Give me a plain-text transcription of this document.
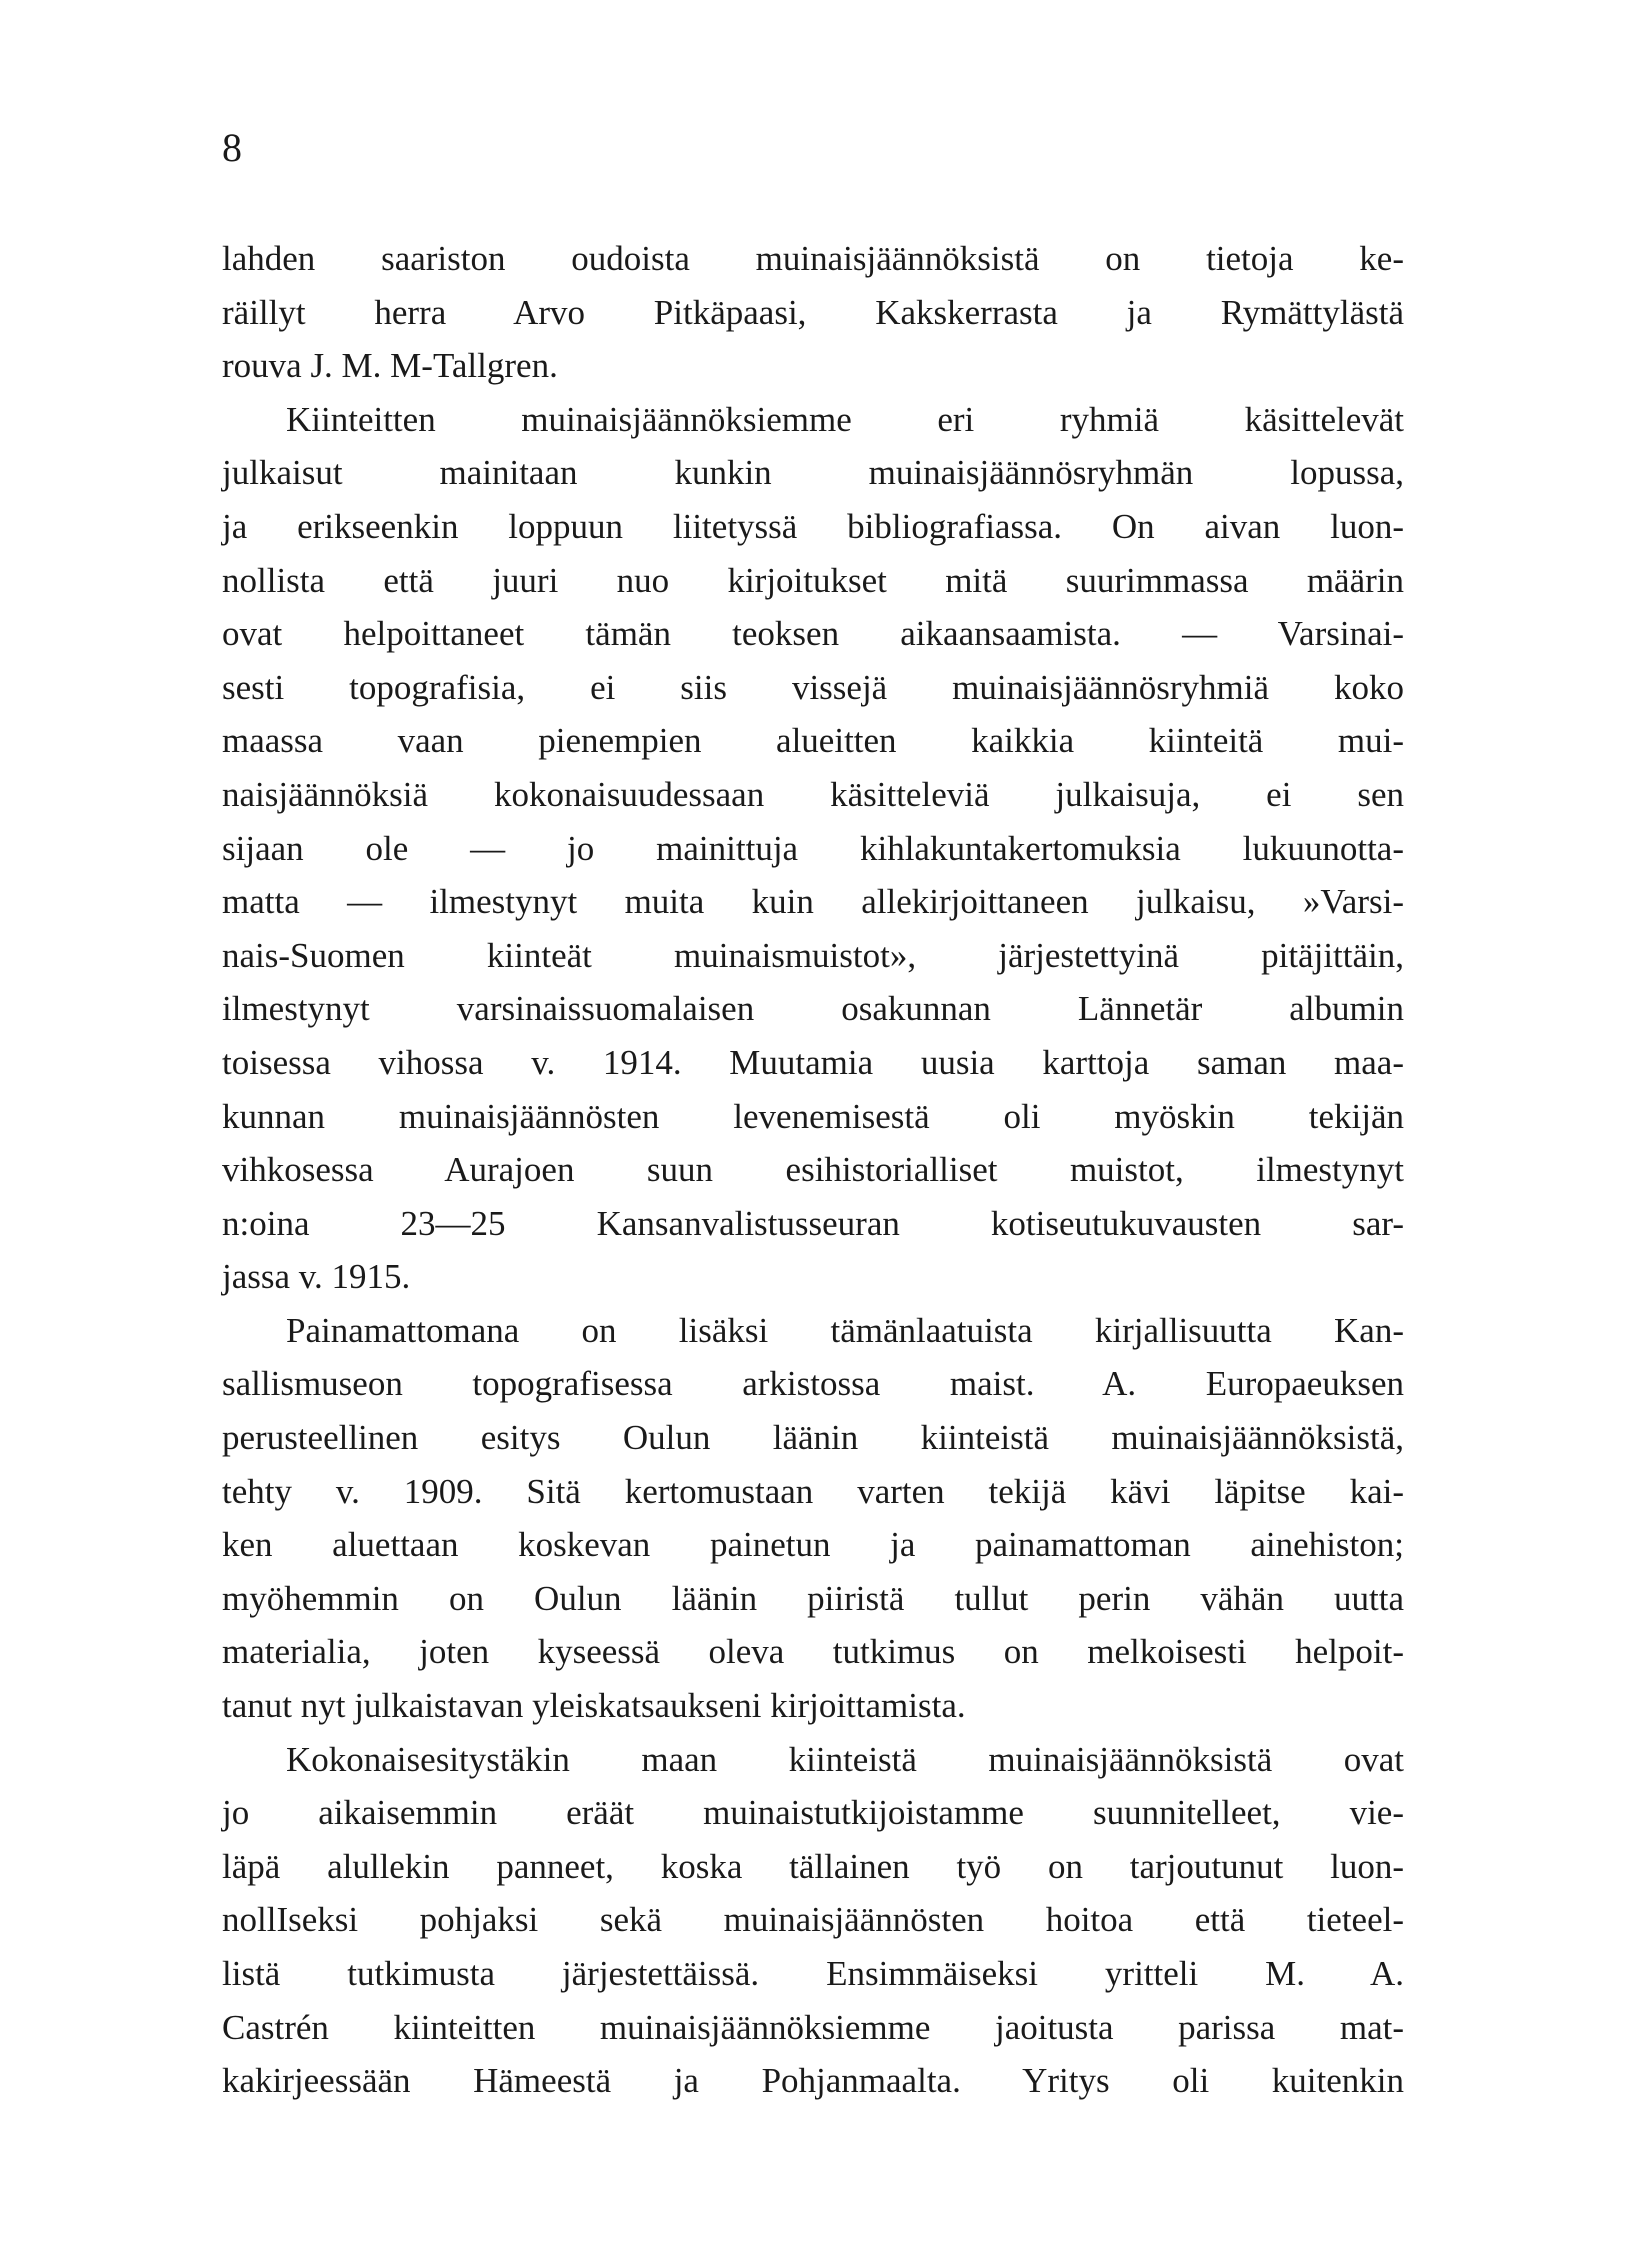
8
lahden saariston oudoista muinaisjäännöksistä on tietoja ke-
räillyt herra Arvo Pitkäpaasi, Kakskerrasta ja Rymättylästä
rouva J. M. M-Tallgren.
Kiinteitten muinaisjäännöksiemme eri ryhmiä käsittelevät
julkaisut mainitaan kunkin muinaisjäännösryhmän lopussa,
ja erikseenkin loppuun liitetyssä bibliografiassa. On aivan luon-
nollista että juuri nuo kirjoitukset mitä suurimmassa määrin
ovat helpoittaneet tämän teoksen aikaansaamista. — Varsinai-
sesti topografisia, ei siis vissejä muinaisjäännösryhmiä koko
maassa vaan pienempien alueitten kaikkia kiinteitä mui-
naisjäännöksiä kokonaisuudessaan käsitteleviä julkaisuja, ei sen
sijaan ole — jo mainittuja kihlakuntakertomuksia lukuunotta-
matta — ilmestynyt muita kuin allekirjoittaneen julkaisu, »Varsi-
nais-Suomen kiinteät muinaismuistot», järjestettyinä pitäjittäin,
ilmestynyt varsinaissuomalaisen osakunnan Lännetär albumin
toisessa vihossa v. 1914. Muutamia uusia karttoja saman maa-
kunnan muinaisjäännösten levenemisestä oli myöskin tekijän
vihkosessa Aurajoen suun esihistorialliset muistot, ilmestynyt
n:oina 23—25 Kansanvalistusseuran kotiseutukuvausten sar-
jassa v. 1915.
Painamattomana on lisäksi tämänlaatuista kirjallisuutta Kan-
sallismuseon topografisessa arkistossa maist. A. Europaeuksen
perusteellinen esitys Oulun läänin kiinteistä muinaisjäännöksistä,
tehty v. 1909. Sitä kertomustaan varten tekijä kävi läpitse kai-
ken aluettaan koskevan painetun ja painamattoman ainehiston;
myöhemmin on Oulun läänin piiristä tullut perin vähän uutta
materialia, joten kyseessä oleva tutkimus on melkoisesti helpoit-
tanut nyt julkaistavan yleiskatsaukseni kirjoittamista.
Kokonaisesitystäkin maan kiinteistä muinaisjäännöksistä ovat
jo aikaisemmin eräät muinaistutkijoistamme suunnitelleet, vie-
läpä alullekin panneet, koska tällainen työ on tarjoutunut luon-
nollIseksi pohjaksi sekä muinaisjäännösten hoitoa että tieteel-
listä tutkimusta järjestettäissä. Ensimmäiseksi yritteli M. A.
Castrén kiinteitten muinaisjäännöksiemme jaoitusta parissa mat-
kakirjeessään Hämeestä ja Pohjanmaalta. Yritys oli kuitenkin
